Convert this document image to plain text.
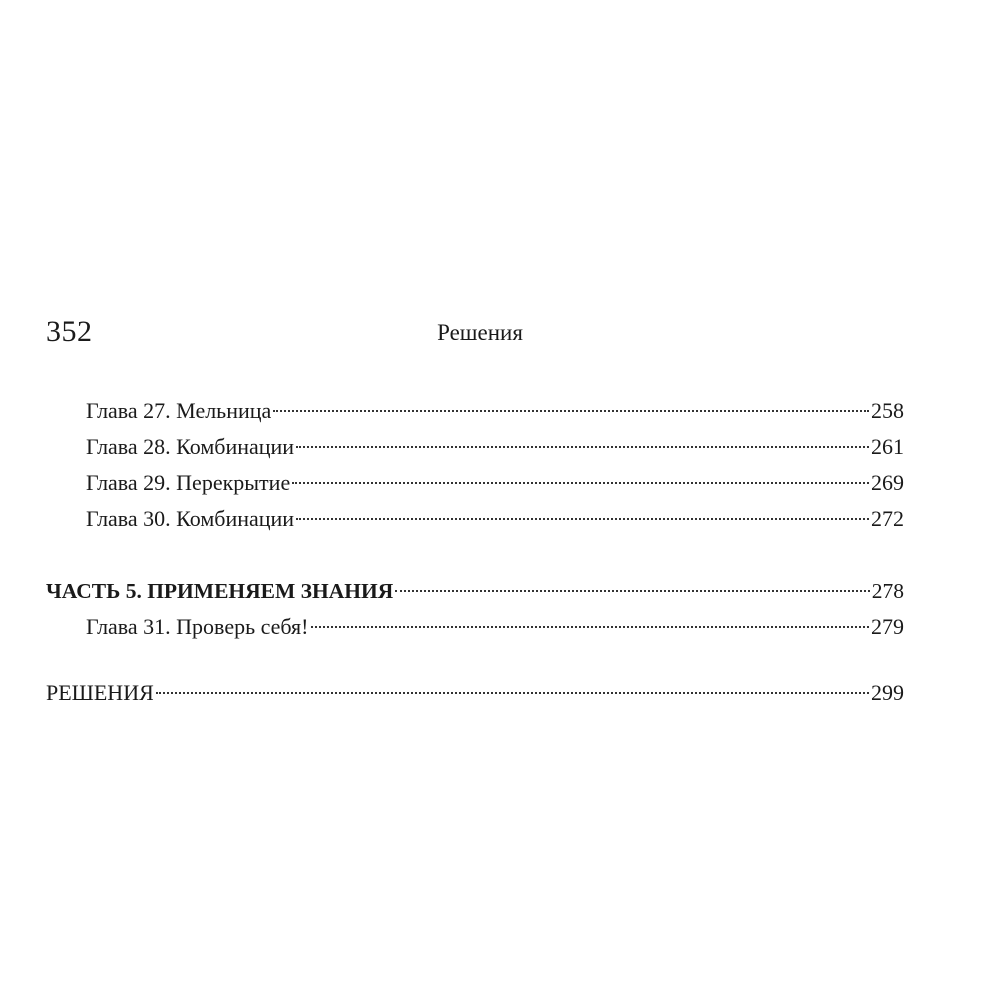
352	Решения
Глава 27. Мельница	258
Глава 28. Комбинации	261
Глава 29. Перекрытие	269
Глава 30. Комбинации	272
ЧАСТЬ 5. ПРИМЕНЯЕМ ЗНАНИЯ	278
Глава 31. Проверь себя!	279
РЕШЕНИЯ	299
